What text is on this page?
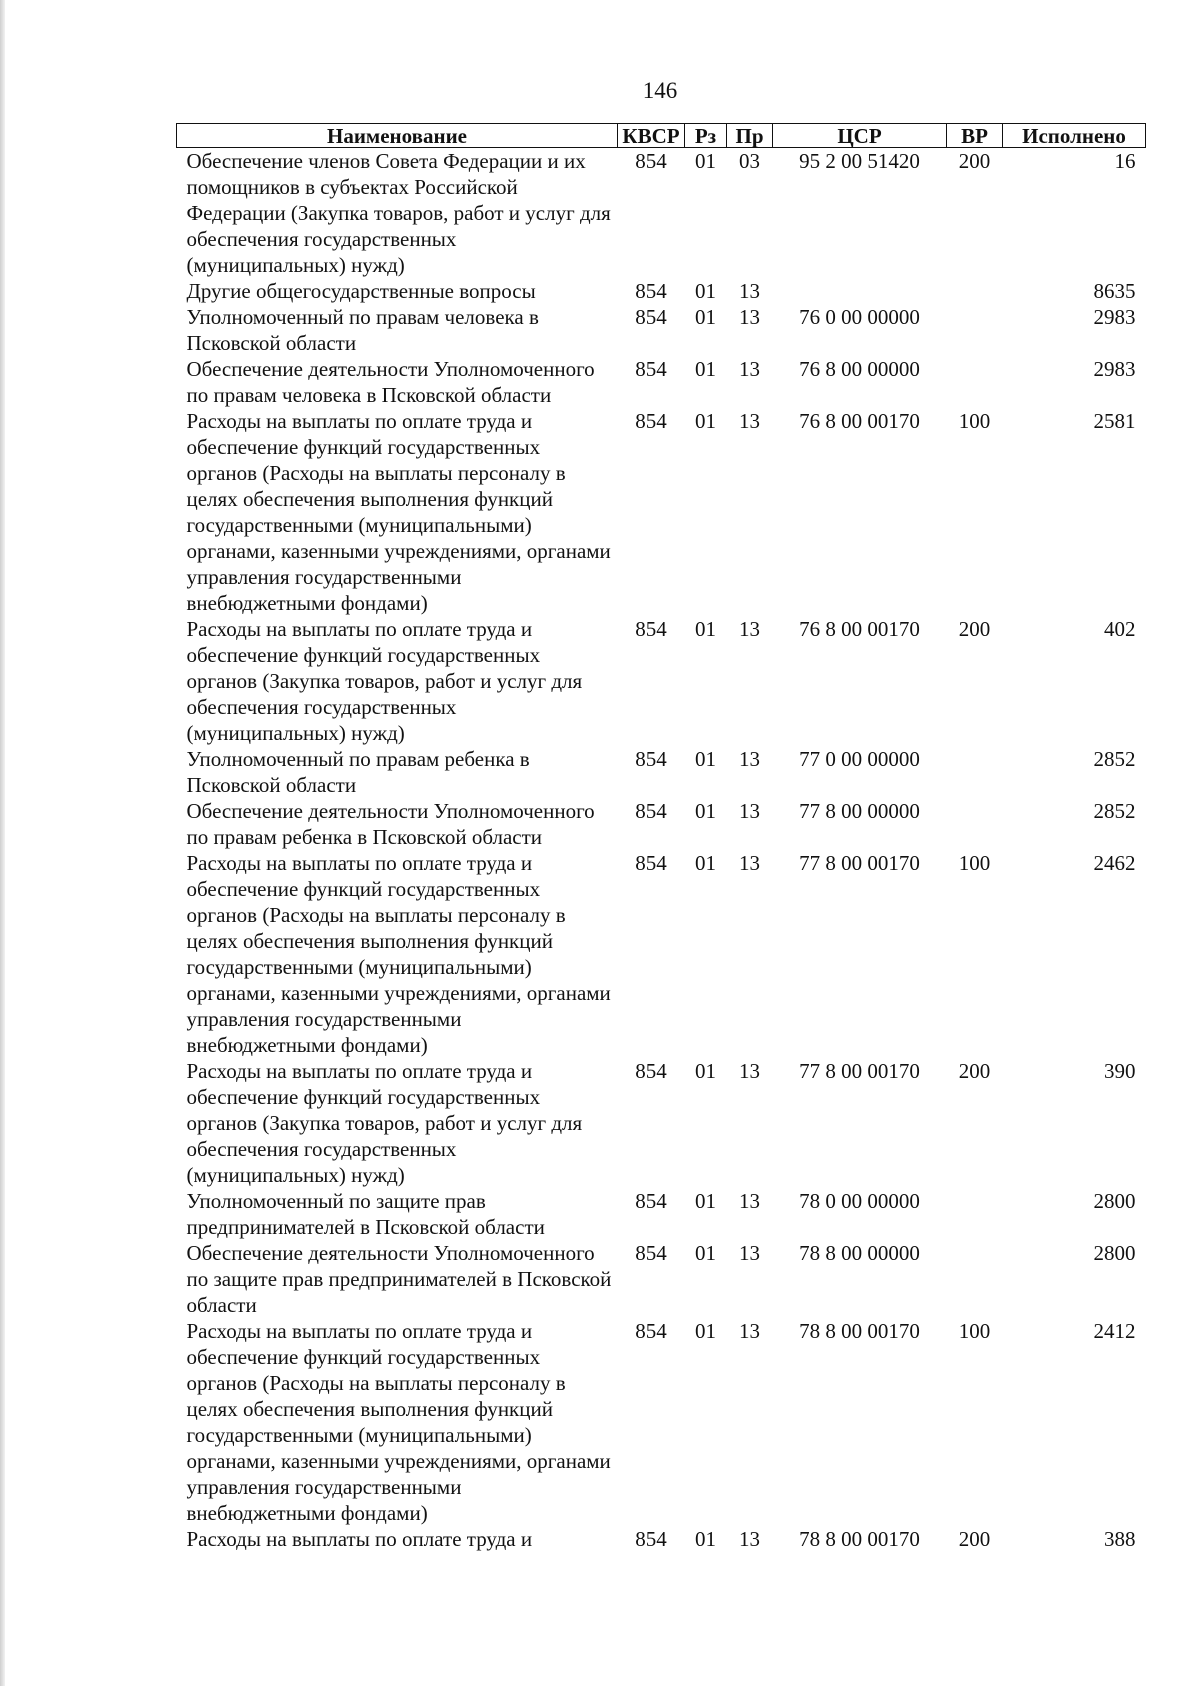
146
Наименование	КВСР	Рз	Пр	ЦСР	ВР	Исполнено
Обеспечение членов Совета Федерации и их помощников в субъектах Российской Федерации (Закупка товаров, работ и услуг для обеспечения государственных (муниципальных) нужд)	854	01	03	95 2 00 51420	200	16
Другие общегосударственные вопросы	854	01	13			8635
Уполномоченный по правам человека в Псковской области	854	01	13	76 0 00 00000		2983
Обеспечение деятельности Уполномоченного по правам человека в Псковской области	854	01	13	76 8 00 00000		2983
Расходы на выплаты по оплате труда и обеспечение функций государственных органов (Расходы на выплаты персоналу в целях обеспечения выполнения функций государственными (муниципальными) органами, казенными учреждениями, органами управления государственными внебюджетными фондами)	854	01	13	76 8 00 00170	100	2581
Расходы на выплаты по оплате труда и обеспечение функций государственных органов (Закупка товаров, работ и услуг для обеспечения государственных (муниципальных) нужд)	854	01	13	76 8 00 00170	200	402
Уполномоченный по правам ребенка в Псковской области	854	01	13	77 0 00 00000		2852
Обеспечение деятельности Уполномоченного по правам ребенка в Псковской области	854	01	13	77 8 00 00000		2852
Расходы на выплаты по оплате труда и обеспечение функций государственных органов (Расходы на выплаты персоналу в целях обеспечения выполнения функций государственными (муниципальными) органами, казенными учреждениями, органами управления государственными внебюджетными фондами)	854	01	13	77 8 00 00170	100	2462
Расходы на выплаты по оплате труда и обеспечение функций государственных органов (Закупка товаров, работ и услуг для обеспечения государственных (муниципальных) нужд)	854	01	13	77 8 00 00170	200	390
Уполномоченный по защите прав предпринимателей в Псковской области	854	01	13	78 0 00 00000		2800
Обеспечение деятельности Уполномоченного по защите прав предпринимателей в Псковской области	854	01	13	78 8 00 00000		2800
Расходы на выплаты по оплате труда и обеспечение функций государственных органов (Расходы на выплаты персоналу в целях обеспечения выполнения функций государственными (муниципальными) органами, казенными учреждениями, органами управления государственными внебюджетными фондами)	854	01	13	78 8 00 00170	100	2412
Расходы на выплаты по оплате труда и	854	01	13	78 8 00 00170	200	388
